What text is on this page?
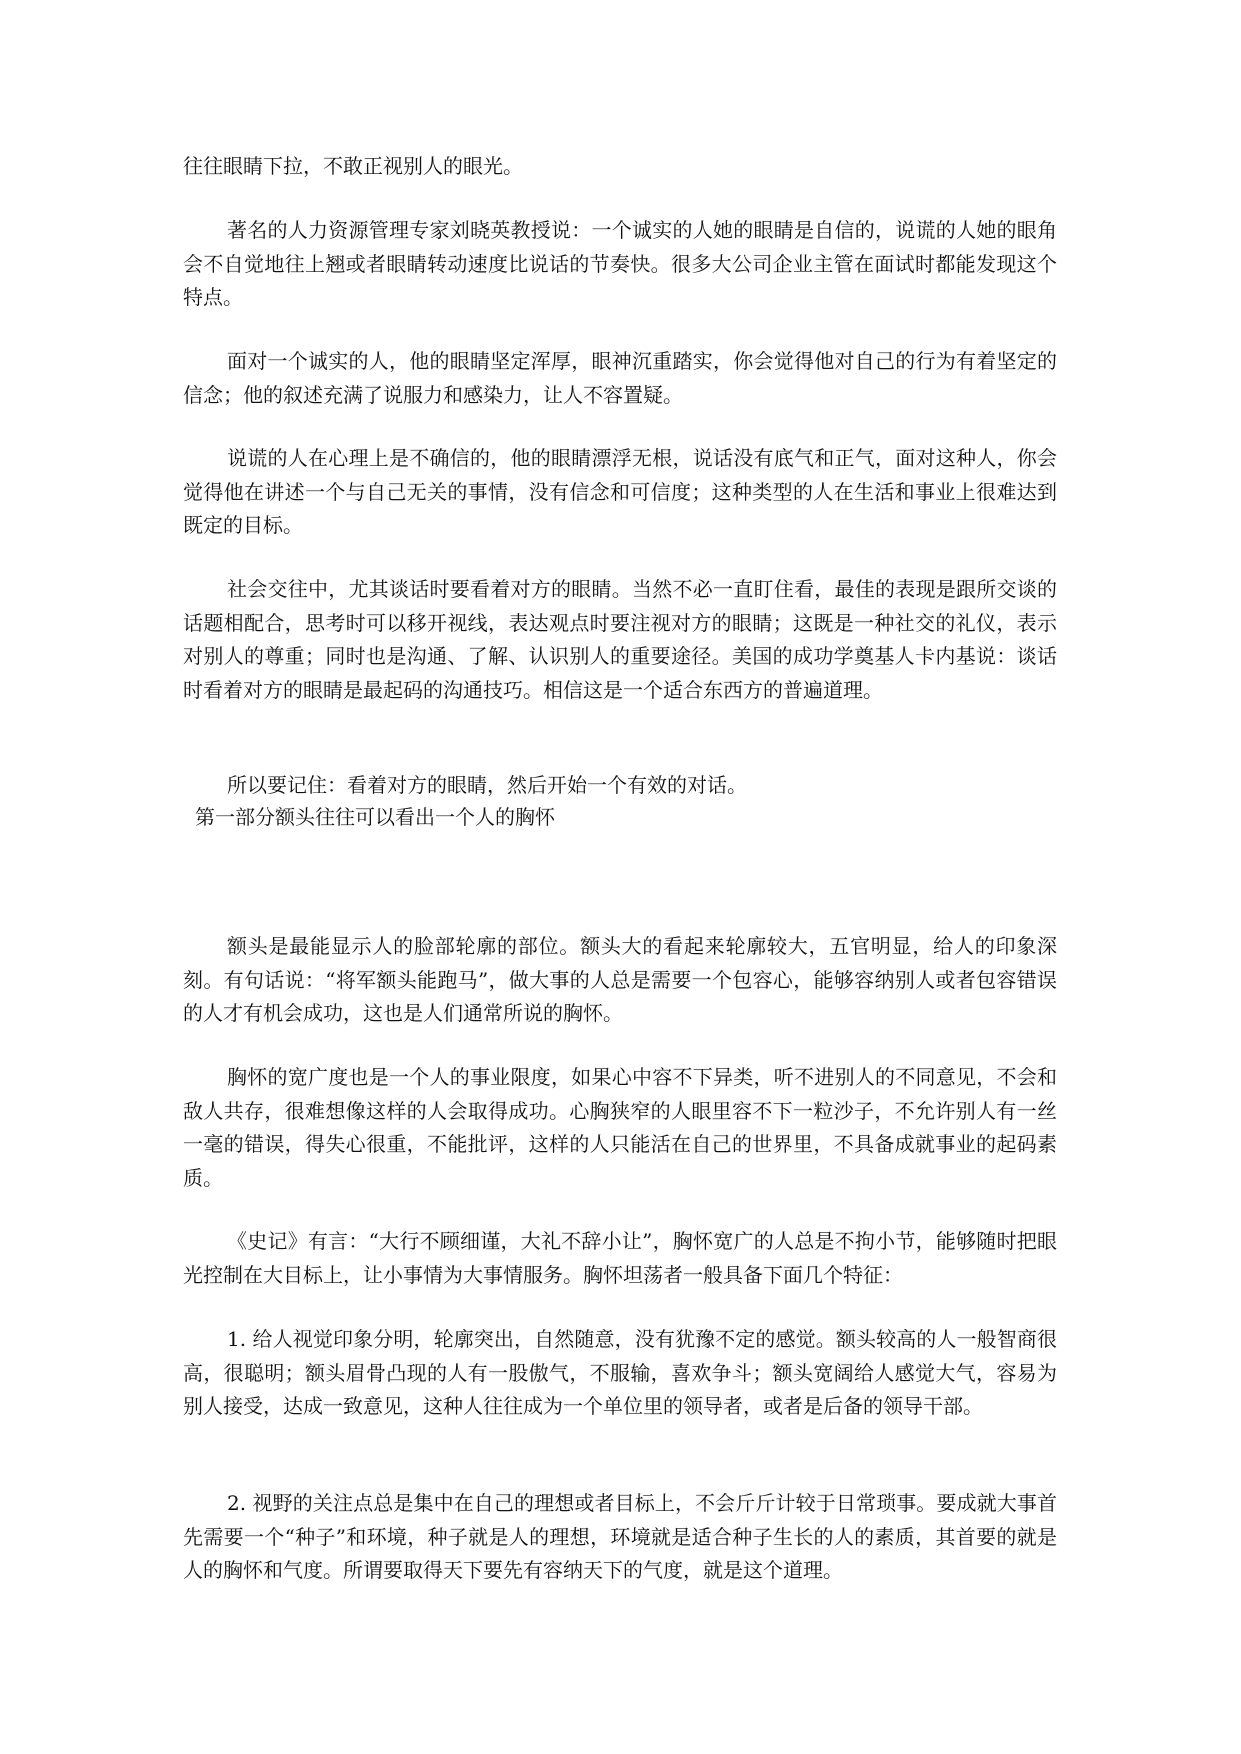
往往眼睛下拉，不敢正视别人的眼光。

著名的人力资源管理专家刘晓英教授说：一个诚实的人她的眼睛是自信的，说谎的人她的眼角会不自觉地往上翘或者眼睛转动速度比说话的节奏快。很多大公司企业主管在面试时都能发现这个特点。

面对一个诚实的人，他的眼睛坚定浑厚，眼神沉重踏实，你会觉得他对自己的行为有着坚定的信念；他的叙述充满了说服力和感染力，让人不容置疑。

说谎的人在心理上是不确信的，他的眼睛漂浮无根，说话没有底气和正气，面对这种人，你会觉得他在讲述一个与自己无关的事情，没有信念和可信度；这种类型的人在生活和事业上很难达到既定的目标。

社会交往中，尤其谈话时要看着对方的眼睛。当然不必一直盯住看，最佳的表现是跟所交谈的话题相配合，思考时可以移开视线，表达观点时要注视对方的眼睛；这既是一种社交的礼仪，表示对别人的尊重；同时也是沟通、了解、认识别人的重要途径。美国的成功学奠基人卡内基说：谈话时看着对方的眼睛是最起码的沟通技巧。相信这是一个适合东西方的普遍道理。

所以要记住：看着对方的眼睛，然后开始一个有效的对话。

第一部分额头往往可以看出一个人的胸怀

额头是最能显示人的脸部轮廓的部位。额头大的看起来轮廓较大，五官明显，给人的印象深刻。有句话说：“将军额头能跑马”，做大事的人总是需要一个包容心，能够容纳别人或者包容错误的人才有机会成功，这也是人们通常所说的胸怀。

胸怀的宽广度也是一个人的事业限度，如果心中容不下异类，听不进别人的不同意见，不会和敌人共存，很难想像这样的人会取得成功。心胸狭窄的人眼里容不下一粒沙子，不允许别人有一丝一毫的错误，得失心很重，不能批评，这样的人只能活在自己的世界里，不具备成就事业的起码素质。

《史记》有言：“大行不顾细谨，大礼不辞小让”，胸怀宽广的人总是不拘小节，能够随时把眼光控制在大目标上，让小事情为大事情服务。胸怀坦荡者一般具备下面几个特征：

1. 给人视觉印象分明，轮廓突出，自然随意，没有犹豫不定的感觉。额头较高的人一般智商很高，很聪明；额头眉骨凸现的人有一股傲气，不服输，喜欢争斗；额头宽阔给人感觉大气，容易为别人接受，达成一致意见，这种人往往成为一个单位里的领导者，或者是后备的领导干部。

2. 视野的关注点总是集中在自己的理想或者目标上，不会斤斤计较于日常琐事。要成就大事首先需要一个“种子”和环境，种子就是人的理想，环境就是适合种子生长的人的素质，其首要的就是人的胸怀和气度。所谓要取得天下要先有容纳天下的气度，就是这个道理。
